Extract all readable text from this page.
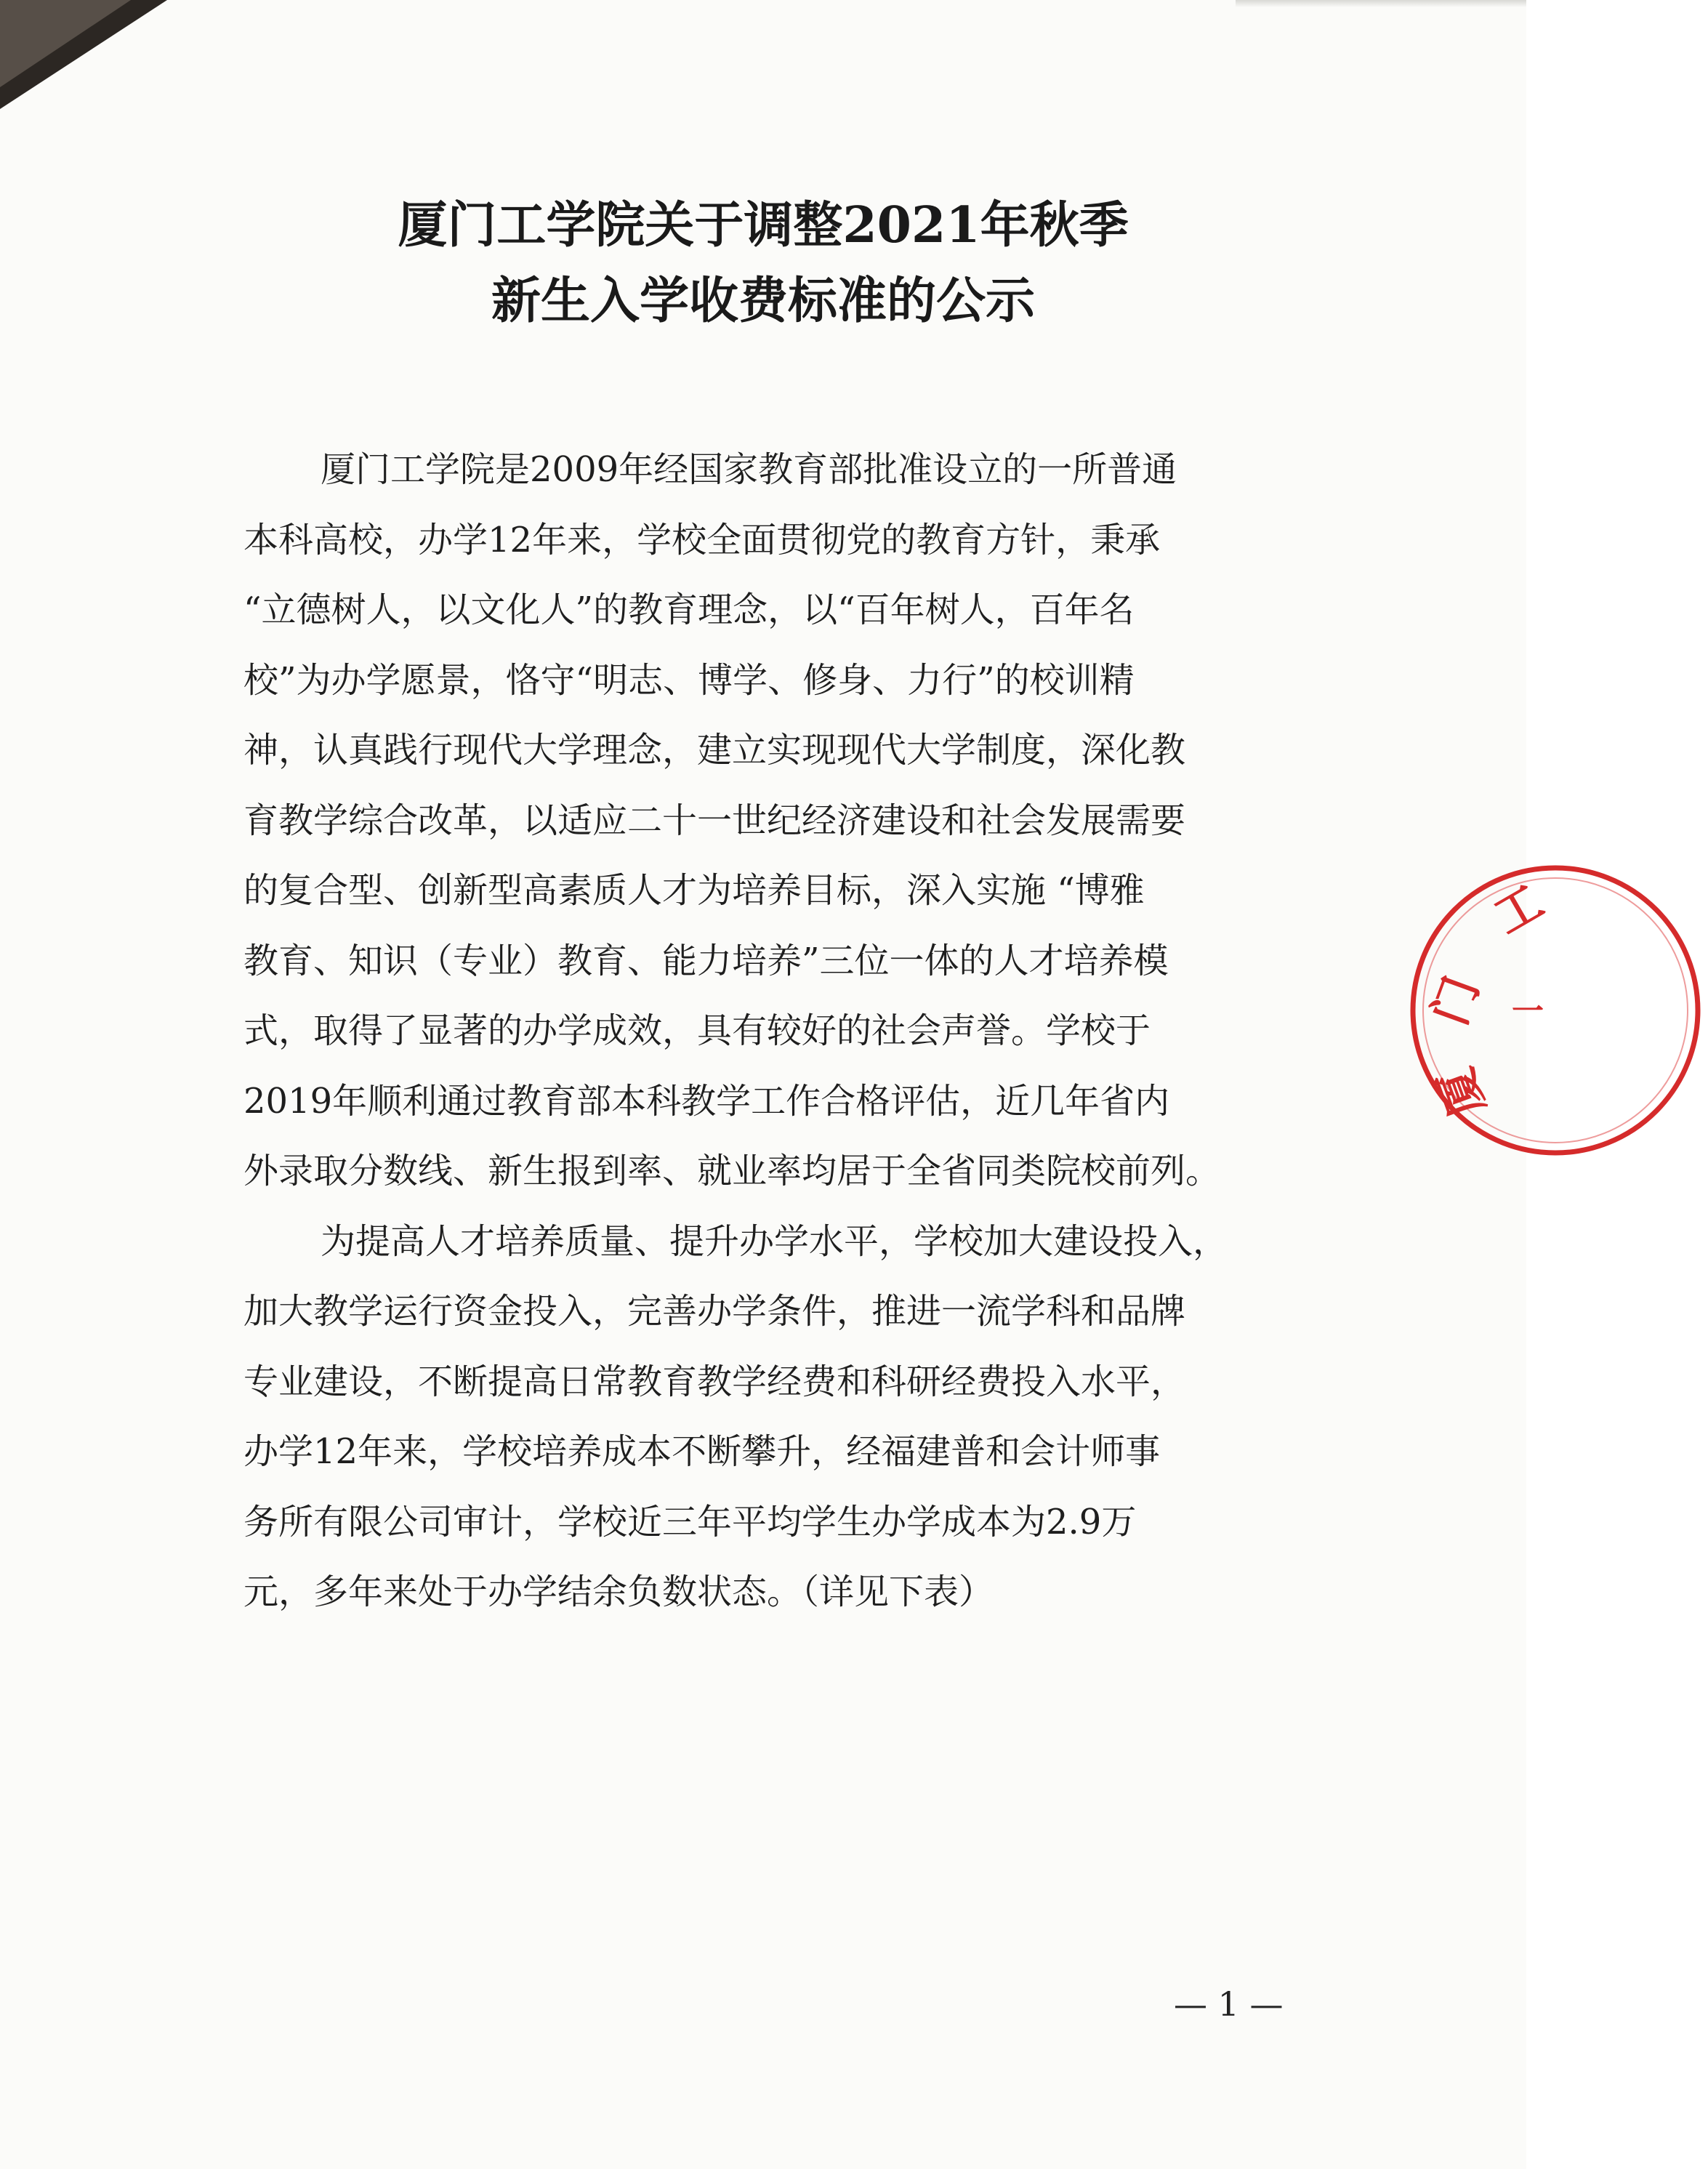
厦门工学院关于调整2021年秋季
新生入学收费标准的公示

厦门工学院是2009年经国家教育部批准设立的一所普通
本科高校，办学12年来，学校全面贯彻党的教育方针，秉承
“立德树人，以文化人”的教育理念，以“百年树人，百年名
校”为办学愿景，恪守“明志、博学、修身、力行”的校训精
神，认真践行现代大学理念，建立实现现代大学制度，深化教
育教学综合改革，以适应二十一世纪经济建设和社会发展需要
的复合型、创新型高素质人才为培养目标，深入实施 “博雅
教育、知识（专业）教育、能力培养”三位一体的人才培养模
式，取得了显著的办学成效，具有较好的社会声誉。学校于
2019年顺利通过教育部本科教学工作合格评估，近几年省内
外录取分数线、新生报到率、就业率均居于全省同类院校前列。

为提高人才培养质量、提升办学水平，学校加大建设投入，
加大教学运行资金投入，完善办学条件，推进一流学科和品牌
专业建设，不断提高日常教育教学经费和科研经费投入水平，
办学12年来，学校培养成本不断攀升，经福建普和会计师事
务所有限公司审计，学校近三年平均学生办学成本为2.9万
元，多年来处于办学结余负数状态。（详见下表）

工
门
厦
一
— 1 —
